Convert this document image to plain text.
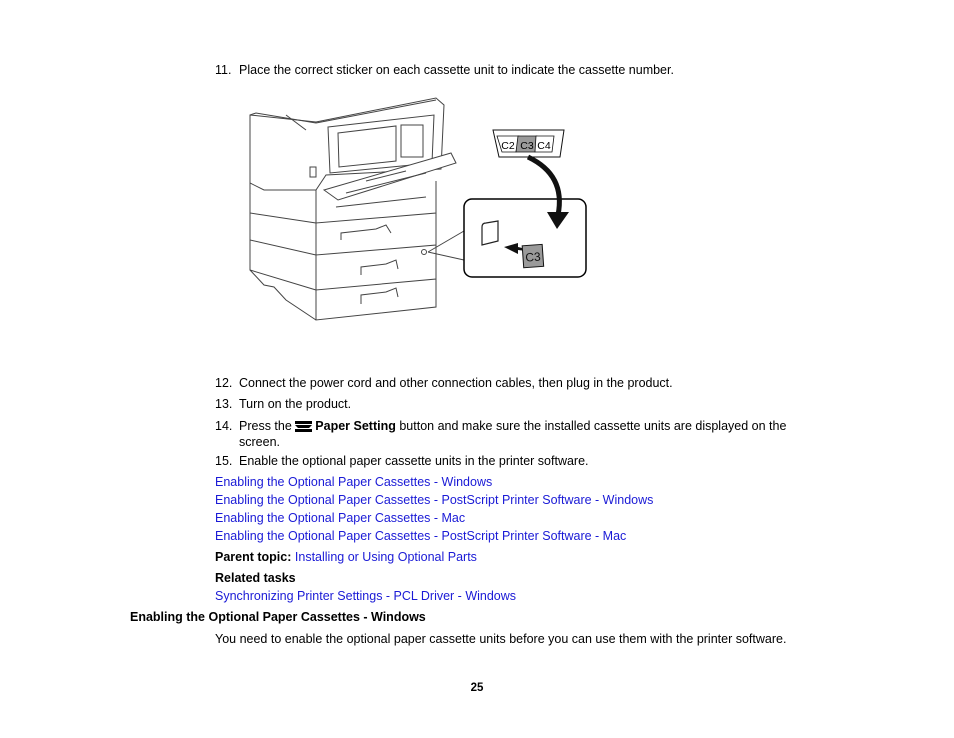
11. Place the correct sticker on each cassette unit to indicate the cassette number.
C3
C2 C3 C4
12. Connect the power cord and other connection cables, then plug in the product.
13. Turn on the product.
14. Press the Paper Setting button and make sure the installed cassette units are displayed on the screen.
15. Enable the optional paper cassette units in the printer software.
Enabling the Optional Paper Cassettes - Windows
Enabling the Optional Paper Cassettes - PostScript Printer Software - Windows
Enabling the Optional Paper Cassettes - Mac
Enabling the Optional Paper Cassettes - PostScript Printer Software - Mac
Parent topic: Installing or Using Optional Parts
Related tasks
Synchronizing Printer Settings - PCL Driver - Windows
Enabling the Optional Paper Cassettes - Windows
You need to enable the optional paper cassette units before you can use them with the printer software.
25
